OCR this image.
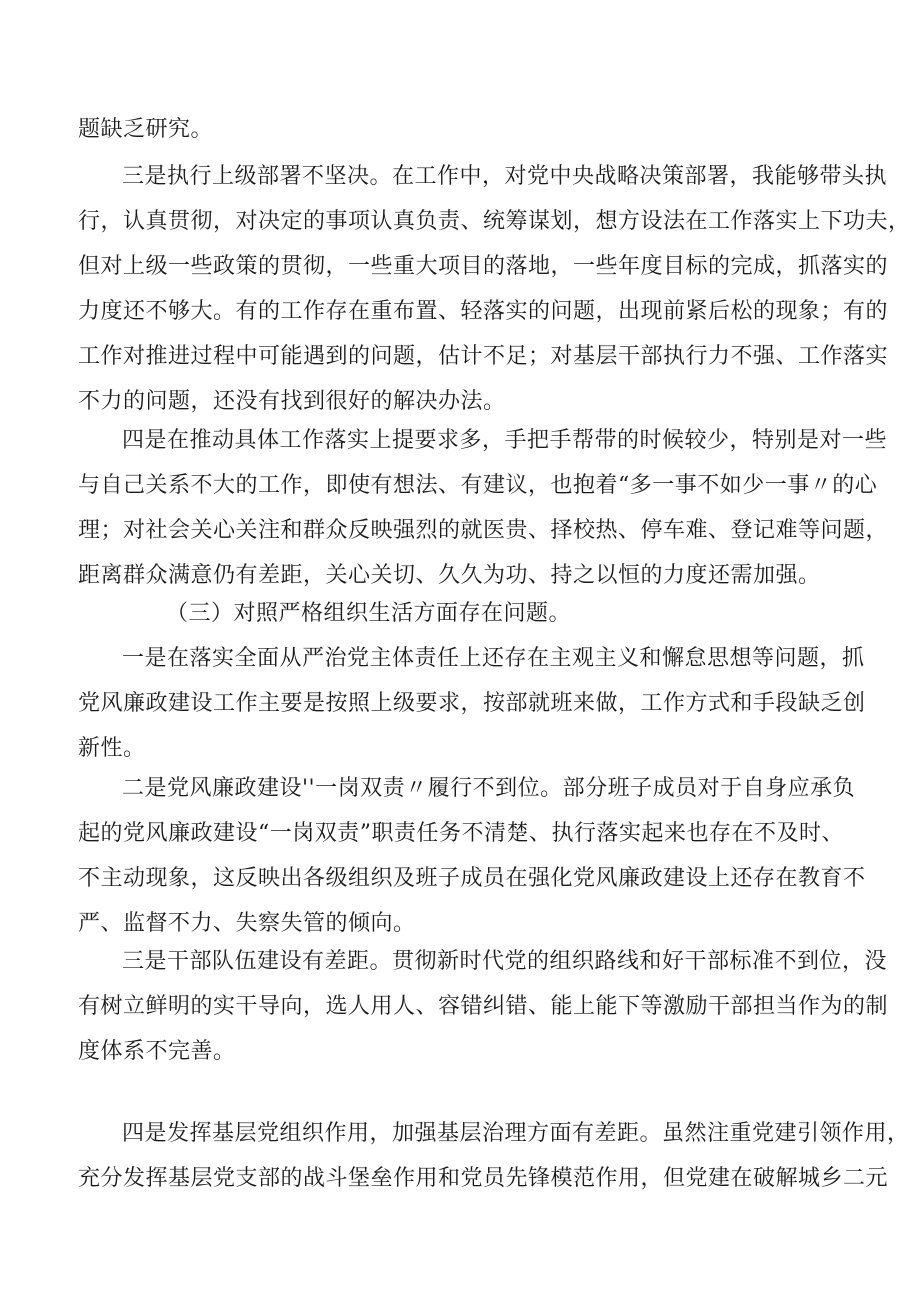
题缺乏研究。
三是执行上级部署不坚决。在工作中，对党中央战略决策部署，我能够带头执
行，认真贯彻，对决定的事项认真负责、统筹谋划，想方设法在工作落实上下功夫，
但对上级一些政策的贯彻，一些重大项目的落地，一些年度目标的完成，抓落实的
力度还不够大。有的工作存在重布置、轻落实的问题，出现前紧后松的现象；有的
工作对推进过程中可能遇到的问题，估计不足；对基层干部执行力不强、工作落实
不力的问题，还没有找到很好的解决办法。
四是在推动具体工作落实上提要求多，手把手帮带的时候较少，特别是对一些
与自己关系不大的工作，即使有想法、有建议，也抱着“多一事不如少一事〃的心
理；对社会关心关注和群众反映强烈的就医贵、择校热、停车难、登记难等问题，
距离群众满意仍有差距，关心关切、久久为功、持之以恒的力度还需加强。
（三）对照严格组织生活方面存在问题。
一是在落实全面从严治党主体责任上还存在主观主义和懈怠思想等问题，抓
党风廉政建设工作主要是按照上级要求，按部就班来做，工作方式和手段缺乏创
新性。
二是党风廉政建设''一岗双责〃履行不到位。部分班子成员对于自身应承负
起的党风廉政建设“一岗双责”职责任务不清楚、执行落实起来也存在不及时、
不主动现象，这反映出各级组织及班子成员在强化党风廉政建设上还存在教育不
严、监督不力、失察失管的倾向。
三是干部队伍建设有差距。贯彻新时代党的组织路线和好干部标准不到位，没
有树立鲜明的实干导向，选人用人、容错纠错、能上能下等激励干部担当作为的制
度体系不完善。
四是发挥基层党组织作用，加强基层治理方面有差距。虽然注重党建引领作用，
充分发挥基层党支部的战斗堡垒作用和党员先锋模范作用，但党建在破解城乡二元
